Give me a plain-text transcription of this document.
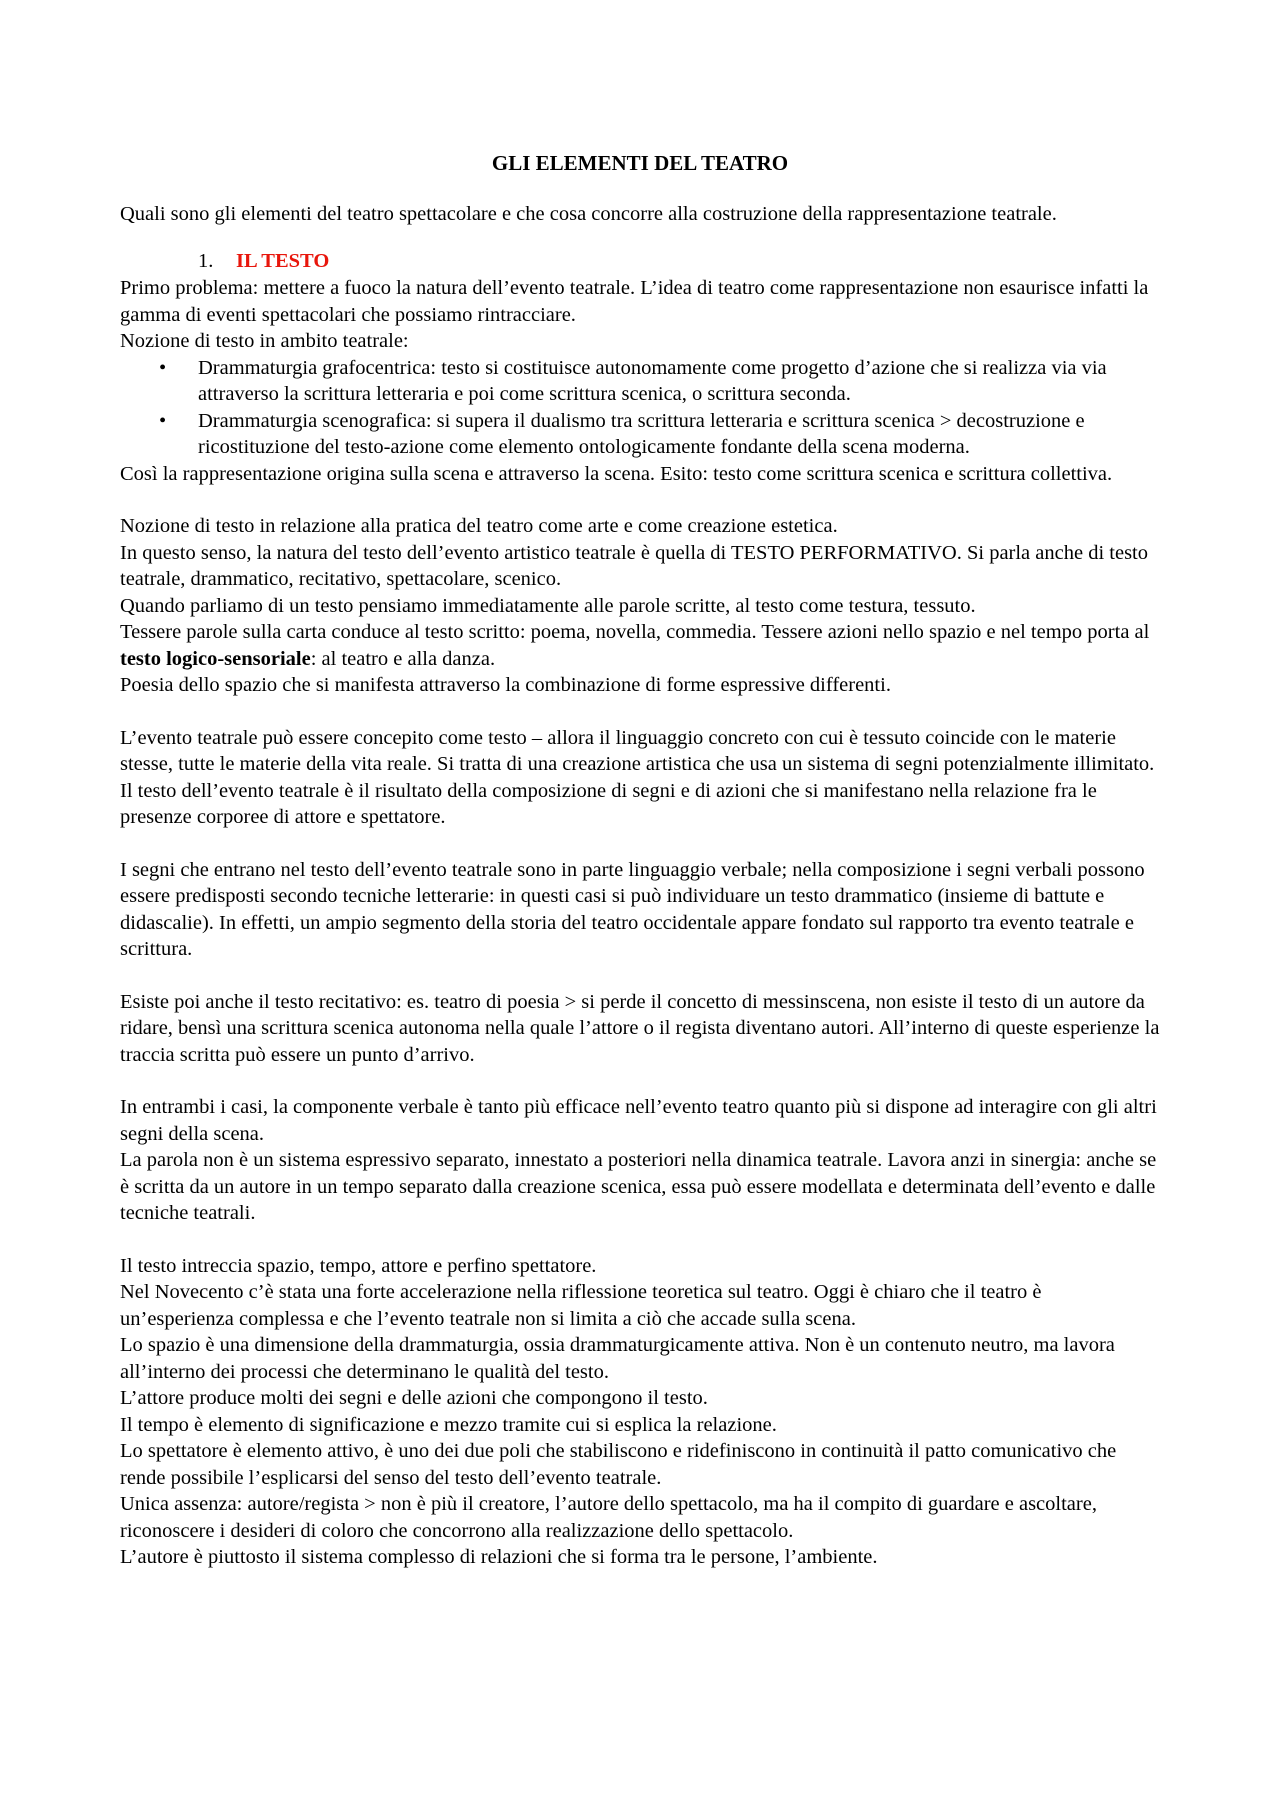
GLI ELEMENTI DEL TEATRO

Quali sono gli elementi del teatro spettacolare e che cosa concorre alla costruzione della rappresentazione teatrale.

1. IL TESTO

Primo problema: mettere a fuoco la natura dell’evento teatrale. L’idea di teatro come rappresentazione non esaurisce infatti la gamma di eventi spettacolari che possiamo rintracciare.

Nozione di testo in ambito teatrale:

• Drammaturgia grafocentrica: testo si costituisce autonomamente come progetto d’azione che si realizza via via attraverso la scrittura letteraria e poi come scrittura scenica, o scrittura seconda.
• Drammaturgia scenografica: si supera il dualismo tra scrittura letteraria e scrittura scenica > decostruzione e ricostituzione del testo-azione come elemento ontologicamente fondante della scena moderna.

Così la rappresentazione origina sulla scena e attraverso la scena. Esito: testo come scrittura scenica e scrittura collettiva.

Nozione di testo in relazione alla pratica del teatro come arte e come creazione estetica.

In questo senso, la natura del testo dell’evento artistico teatrale è quella di TESTO PERFORMATIVO. Si parla anche di testo teatrale, drammatico, recitativo, spettacolare, scenico.

Quando parliamo di un testo pensiamo immediatamente alle parole scritte, al testo come testura, tessuto.

Tessere parole sulla carta conduce al testo scritto: poema, novella, commedia. Tessere azioni nello spazio e nel tempo porta al testo logico-sensoriale: al teatro e alla danza.

Poesia dello spazio che si manifesta attraverso la combinazione di forme espressive differenti.

L’evento teatrale può essere concepito come testo – allora il linguaggio concreto con cui è tessuto coincide con le materie stesse, tutte le materie della vita reale. Si tratta di una creazione artistica che usa un sistema di segni potenzialmente illimitato. Il testo dell’evento teatrale è il risultato della composizione di segni e di azioni che si manifestano nella relazione fra le presenze corporee di attore e spettatore.

I segni che entrano nel testo dell’evento teatrale sono in parte linguaggio verbale; nella composizione i segni verbali possono essere predisposti secondo tecniche letterarie: in questi casi si può individuare un testo drammatico (insieme di battute e didascalie). In effetti, un ampio segmento della storia del teatro occidentale appare fondato sul rapporto tra evento teatrale e scrittura.

Esiste poi anche il testo recitativo: es. teatro di poesia > si perde il concetto di messinscena, non esiste il testo di un autore da ridare, bensì una scrittura scenica autonoma nella quale l’attore o il regista diventano autori. All’interno di queste esperienze la traccia scritta può essere un punto d’arrivo.

In entrambi i casi, la componente verbale è tanto più efficace nell’evento teatro quanto più si dispone ad interagire con gli altri segni della scena.

La parola non è un sistema espressivo separato, innestato a posteriori nella dinamica teatrale. Lavora anzi in sinergia: anche se è scritta da un autore in un tempo separato dalla creazione scenica, essa può essere modellata e determinata dell’evento e dalle tecniche teatrali.

Il testo intreccia spazio, tempo, attore e perfino spettatore.

Nel Novecento c’è stata una forte accelerazione nella riflessione teoretica sul teatro. Oggi è chiaro che il teatro è un’esperienza complessa e che l’evento teatrale non si limita a ciò che accade sulla scena.

Lo spazio è una dimensione della drammaturgia, ossia drammaturgicamente attiva. Non è un contenuto neutro, ma lavora all’interno dei processi che determinano le qualità del testo.

L’attore produce molti dei segni e delle azioni che compongono il testo.

Il tempo è elemento di significazione e mezzo tramite cui si esplica la relazione.

Lo spettatore è elemento attivo, è uno dei due poli che stabiliscono e ridefiniscono in continuità il patto comunicativo che rende possibile l’esplicarsi del senso del testo dell’evento teatrale.

Unica assenza: autore/regista > non è più il creatore, l’autore dello spettacolo, ma ha il compito di guardare e ascoltare, riconoscere i desideri di coloro che concorrono alla realizzazione dello spettacolo.

L’autore è piuttosto il sistema complesso di relazioni che si forma tra le persone, l’ambiente.
